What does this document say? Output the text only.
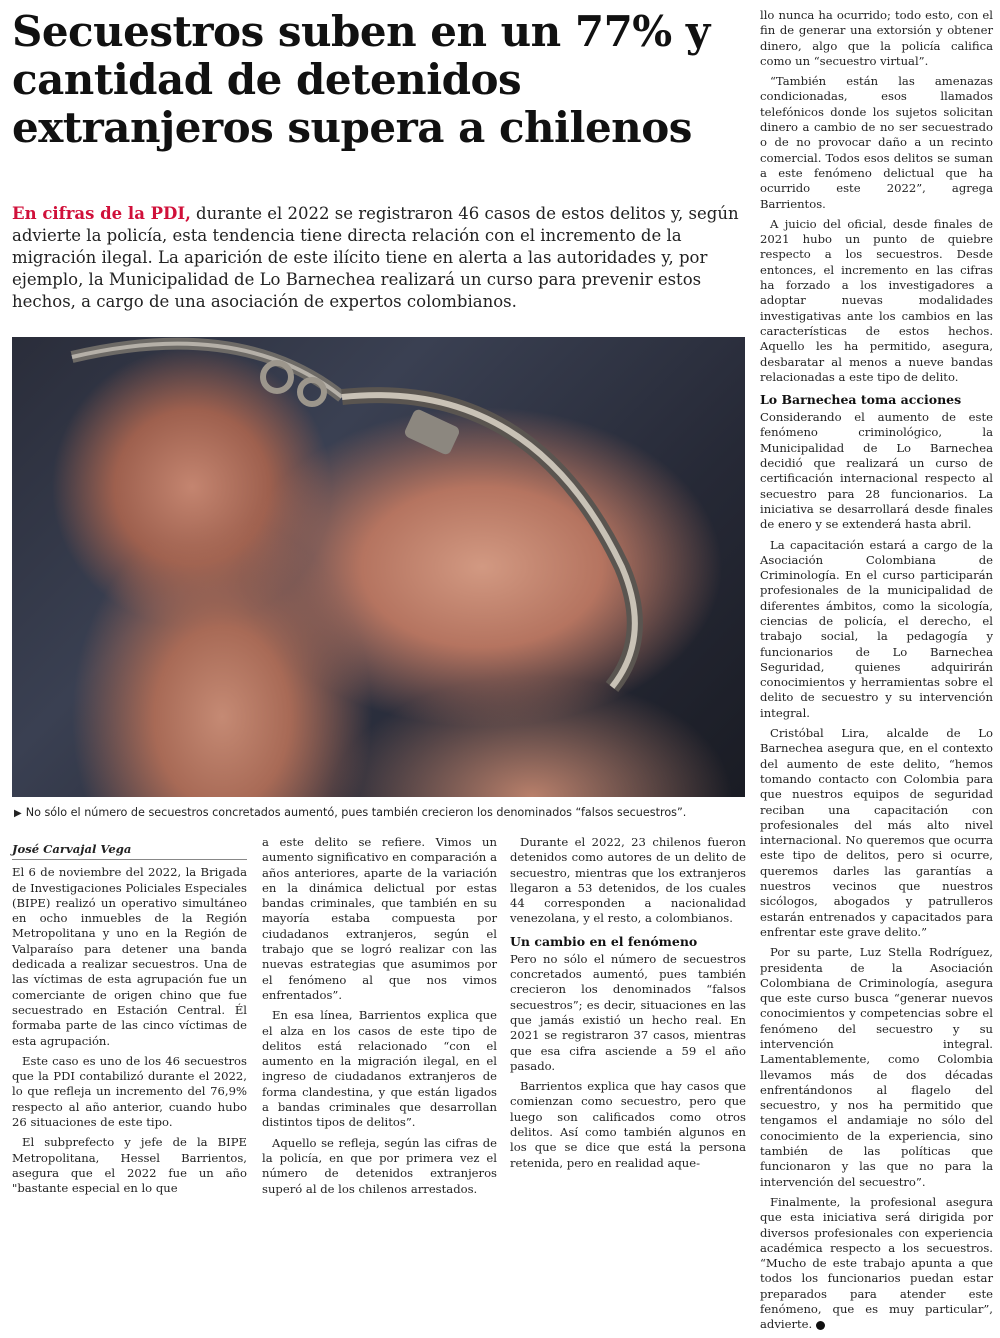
Secuestros suben en un 77% y cantidad de detenidos extranjeros supera a chilenos

En cifras de la PDI, durante el 2022 se registraron 46 casos de estos delitos y, según advierte la policía, esta tendencia tiene directa relación con el incremento de la migración ilegal. La aparición de este ilícito tiene en alerta a las autoridades y, por ejemplo, la Municipalidad de Lo Barnechea realizará un curso para prevenir estos hechos, a cargo de una asociación de expertos colombianos.

▶ No sólo el número de secuestros concretados aumentó, pues también crecieron los denominados “falsos secuestros”.

José Carvajal Vega

El 6 de noviembre del 2022, la Brigada de Investigaciones Policiales Especiales (BIPE) realizó un operativo simultáneo en ocho inmuebles de la Región Metropolitana y uno en la Región de Valparaíso para detener una banda dedicada a realizar secuestros. Una de las víctimas de esta agrupación fue un comerciante de origen chino que fue secuestrado en Estación Central. Él formaba parte de las cinco víctimas de esta agrupación.

Este caso es uno de los 46 secuestros que la PDI contabilizó durante el 2022, lo que refleja un incremento del 76,9% respecto al año anterior, cuando hubo 26 situaciones de este tipo.

El subprefecto y jefe de la BIPE Metropolitana, Hessel Barrientos, asegura que el 2022 fue un año "bastante especial en lo que

a este delito se refiere. Vimos un aumento significativo en comparación a años anteriores, aparte de la variación en la dinámica delictual por estas bandas criminales, que también en su mayoría estaba compuesta por ciudadanos extranjeros, según el trabajo que se logró realizar con las nuevas estrategias que asumimos por el fenómeno al que nos vimos enfrentados”.

En esa línea, Barrientos explica que el alza en los casos de este tipo de delitos está relacionado “con el aumento en la migración ilegal, en el ingreso de ciudadanos extranjeros de forma clandestina, y que están ligados a bandas criminales que desarrollan distintos tipos de delitos”.

Aquello se refleja, según las cifras de la policía, en que por primera vez el número de detenidos extranjeros superó al de los chilenos arrestados.

Durante el 2022, 23 chilenos fueron detenidos como autores de un delito de secuestro, mientras que los extranjeros llegaron a 53 detenidos, de los cuales 44 corresponden a nacionalidad venezolana, y el resto, a colombianos.

Un cambio en el fenómeno

Pero no sólo el número de secuestros concretados aumentó, pues también crecieron los denominados “falsos secuestros”; es decir, situaciones en las que jamás existió un hecho real. En 2021 se registraron 37 casos, mientras que esa cifra asciende a 59 el año pasado.

Barrientos explica que hay casos que comienzan como secuestro, pero que luego son calificados como otros delitos. Así como también algunos en los que se dice que está la persona retenida, pero en realidad aque-

llo nunca ha ocurrido; todo esto, con el fin de generar una extorsión y obtener dinero, algo que la policía califica como un “secuestro virtual”.

“También están las amenazas condicionadas, esos llamados telefónicos donde los sujetos solicitan dinero a cambio de no ser secuestrado o de no provocar daño a un recinto comercial. Todos esos delitos se suman a este fenómeno delictual que ha ocurrido este 2022”, agrega Barrientos.

A juicio del oficial, desde finales de 2021 hubo un punto de quiebre respecto a los secuestros. Desde entonces, el incremento en las cifras ha forzado a los investigadores a adoptar nuevas modalidades investigativas ante los cambios en las características de estos hechos. Aquello les ha permitido, asegura, desbaratar al menos a nueve bandas relacionadas a este tipo de delito.

Lo Barnechea toma acciones

Considerando el aumento de este fenómeno criminológico, la Municipalidad de Lo Barnechea decidió que realizará un curso de certificación internacional respecto al secuestro para 28 funcionarios. La iniciativa se desarrollará desde finales de enero y se extenderá hasta abril.

La capacitación estará a cargo de la Asociación Colombiana de Criminología. En el curso participarán profesionales de la municipalidad de diferentes ámbitos, como la sicología, ciencias de policía, el derecho, el trabajo social, la pedagogía y funcionarios de Lo Barnechea Seguridad, quienes adquirirán conocimientos y herramientas sobre el delito de secuestro y su intervención integral.

Cristóbal Lira, alcalde de Lo Barnechea asegura que, en el contexto del aumento de este delito, “hemos tomando contacto con Colombia para que nuestros equipos de seguridad reciban una capacitación con profesionales del más alto nivel internacional. No queremos que ocurra este tipo de delitos, pero si ocurre, queremos darles las garantías a nuestros vecinos que nuestros sicólogos, abogados y patrulleros estarán entrenados y capacitados para enfrentar este grave delito.”

Por su parte, Luz Stella Rodríguez, presidenta de la Asociación Colombiana de Criminología, asegura que este curso busca “generar nuevos conocimientos y competencias sobre el fenómeno del secuestro y su intervención integral. Lamentablemente, como Colombia llevamos más de dos décadas enfrentándonos al flagelo del secuestro, y nos ha permitido que tengamos el andamiaje no sólo del conocimiento de la experiencia, sino también de las políticas que funcionaron y las que no para la intervención del secuestro”.

Finalmente, la profesional asegura que esta iniciativa será dirigida por diversos profesionales con experiencia académica respecto a los secuestros. “Mucho de este trabajo apunta a que todos los funcionarios puedan estar preparados para atender este fenómeno, que es muy particular”, advierte.
